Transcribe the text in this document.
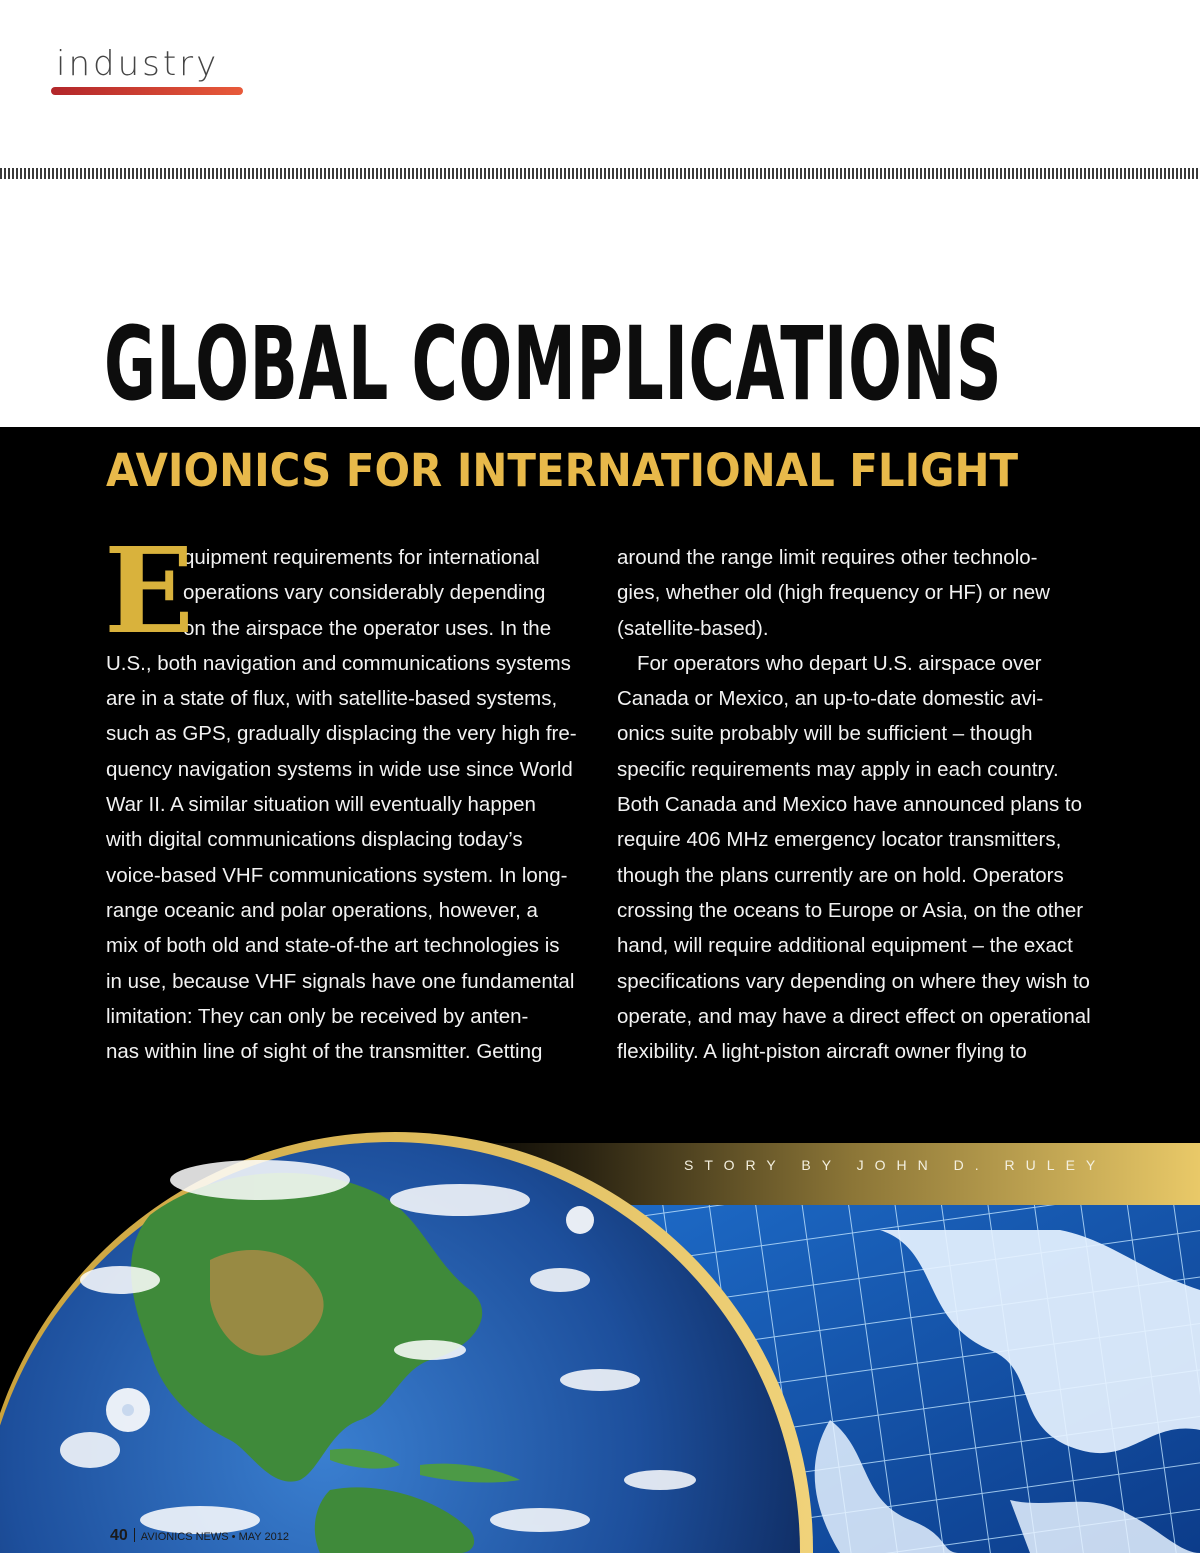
industry
GLOBAL COMPLICATIONS
AVIONICS FOR INTERNATIONAL FLIGHT
E
quipment requirements for international
operations vary considerably depending
on the airspace the operator uses. In the
U.S., both navigation and communications systems
are in a state of flux, with satellite-based systems,
such as GPS, gradually displacing the very high fre-
quency navigation systems in wide use since World
War II. A similar situation will eventually happen
with digital communications displacing today’s
voice-based VHF communications system. In long-
range oceanic and polar operations, however, a
mix of both old and state-of-the art technologies is
in use, because VHF signals have one fundamental
limitation: They can only be received by anten-
nas within line of sight of the transmitter. Getting
around the range limit requires other technolo-
gies, whether old (high frequency or HF) or new
(satellite-based).
For operators who depart U.S. airspace over
Canada or Mexico, an up-to-date domestic avi-
onics suite probably will be sufficient – though
specific requirements may apply in each country.
Both Canada and Mexico have announced plans to
require 406 MHz emergency locator transmitters,
though the plans currently are on hold. Operators
crossing the oceans to Europe or Asia, on the other
hand, will require additional equipment – the exact
specifications vary depending on where they wish to
operate, and may have a direct effect on operational
flexibility. A light-piston aircraft owner flying to
STORY BY JOHN D. RULEY
40 AVIONICS NEWS • MAY 2012
